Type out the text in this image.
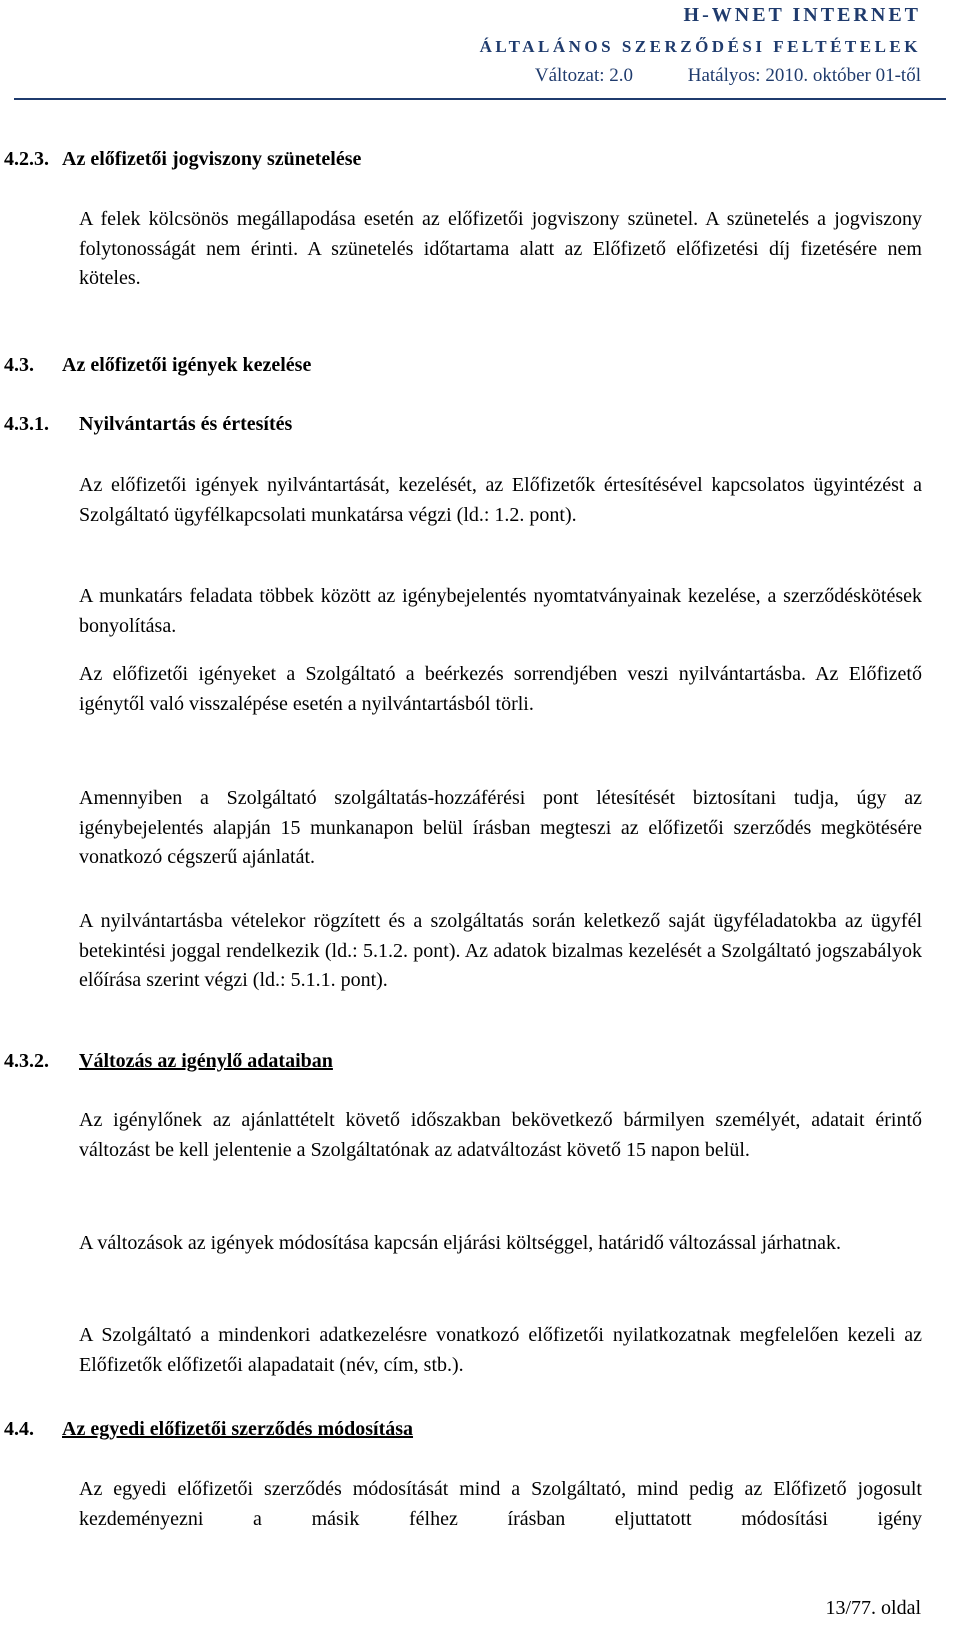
H-WNET INTERNET
ÁLTALÁNOS SZERZŐDÉSI FELTÉTELEK
Változat: 2.0	Hatályos: 2010. október 01-től
4.2.3. Az előfizetői jogviszony szünetelése
A felek kölcsönös megállapodása esetén az előfizetői jogviszony szünetel. A szünetelés a jogviszony folytonosságát nem érinti. A szünetelés időtartama alatt az Előfizető előfizetési díj fizetésére nem köteles.
4.3. Az előfizetői igények kezelése
4.3.1. Nyilvántartás és értesítés
Az előfizetői igények nyilvántartását, kezelését, az Előfizetők értesítésével kapcsolatos ügyintézést a Szolgáltató ügyfélkapcsolati munkatársa végzi (ld.: 1.2. pont).
A munkatárs feladata többek között az igénybejelentés nyomtatványainak kezelése, a szerződéskötések bonyolítása.
Az előfizetői igényeket a Szolgáltató a beérkezés sorrendjében veszi nyilvántartásba. Az Előfizető igénytől való visszalépése esetén a nyilvántartásból törli.
Amennyiben a Szolgáltató szolgáltatás-hozzáférési pont létesítését biztosítani tudja, úgy az igénybejelentés alapján 15 munkanapon belül írásban megteszi az előfizetői szerződés megkötésére vonatkozó cégszerű ajánlatát.
A nyilvántartásba vételekor rögzített és a szolgáltatás során keletkező saját ügyféladatokba az ügyfél betekintési joggal rendelkezik (ld.: 5.1.2. pont). Az adatok bizalmas kezelését a Szolgáltató jogszabályok előírása szerint végzi (ld.: 5.1.1. pont).
4.3.2. Változás az igénylő adataiban
Az igénylőnek az ajánlattételt követő időszakban bekövetkező bármilyen személyét, adatait érintő változást be kell jelentenie a Szolgáltatónak az adatváltozást követő 15 napon belül.
A változások az igények módosítása kapcsán eljárási költséggel, határidő változással járhatnak.
A Szolgáltató a mindenkori adatkezelésre vonatkozó előfizetői nyilatkozatnak megfelelően kezeli az Előfizetők előfizetői alapadatait (név, cím, stb.).
4.4. Az egyedi előfizetői szerződés módosítása
Az egyedi előfizetői szerződés módosítását mind a Szolgáltató, mind pedig az Előfizető jogosult kezdeményezni a másik félhez írásban eljuttatott módosítási igény
13/77. oldal
